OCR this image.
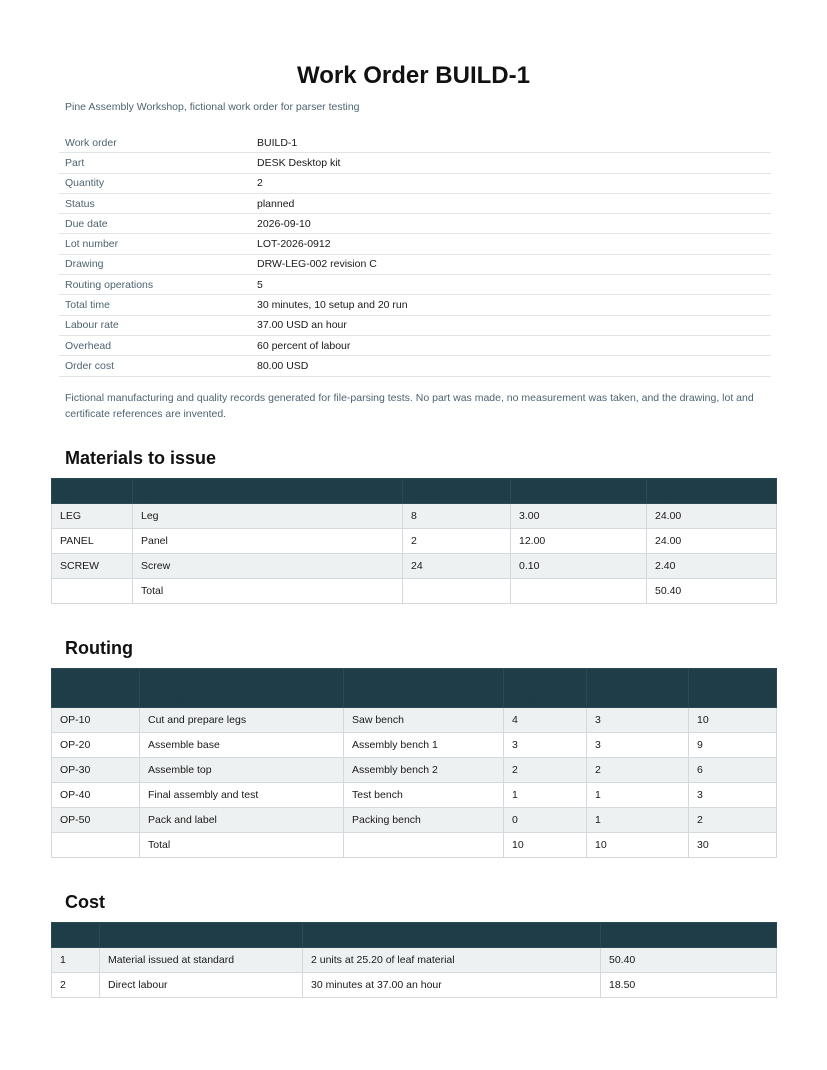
Work Order BUILD-1
Pine Assembly Workshop, fictional work order for parser testing
Work order	BUILD-1
Part	DESK Desktop kit
Quantity	2
Status	planned
Due date	2026-09-10
Lot number	LOT-2026-0912
Drawing	DRW-LEG-002 revision C
Routing operations	5
Total time	30 minutes, 10 setup and 20 run
Labour rate	37.00 USD an hour
Overhead	60 percent of labour
Order cost	80.00 USD
Fictional manufacturing and quality records generated for file-parsing tests. No part was made, no measurement was taken, and the drawing, lot and certificate references are invented.
Materials to issue
Part	Description	Quantity	Unit cost USD	Value USD
LEG	Leg	8	3.00	24.00
PANEL	Panel	2	12.00	24.00
SCREW	Screw	24	0.10	2.40
	Total			50.40
Routing
Operation	Description	Work centre	Setup min	Run min per unit	Total min
OP-10	Cut and prepare legs	Saw bench	4	3	10
OP-20	Assemble base	Assembly bench 1	3	3	9
OP-30	Assemble top	Assembly bench 2	2	2	6
OP-40	Final assembly and test	Test bench	1	1	3
OP-50	Pack and label	Packing bench	0	1	2
	Total		10	10	30
Cost
Line	Component	Basis	Amount USD
1	Material issued at standard	2 units at 25.20 of leaf material	50.40
2	Direct labour	30 minutes at 37.00 an hour	18.50
